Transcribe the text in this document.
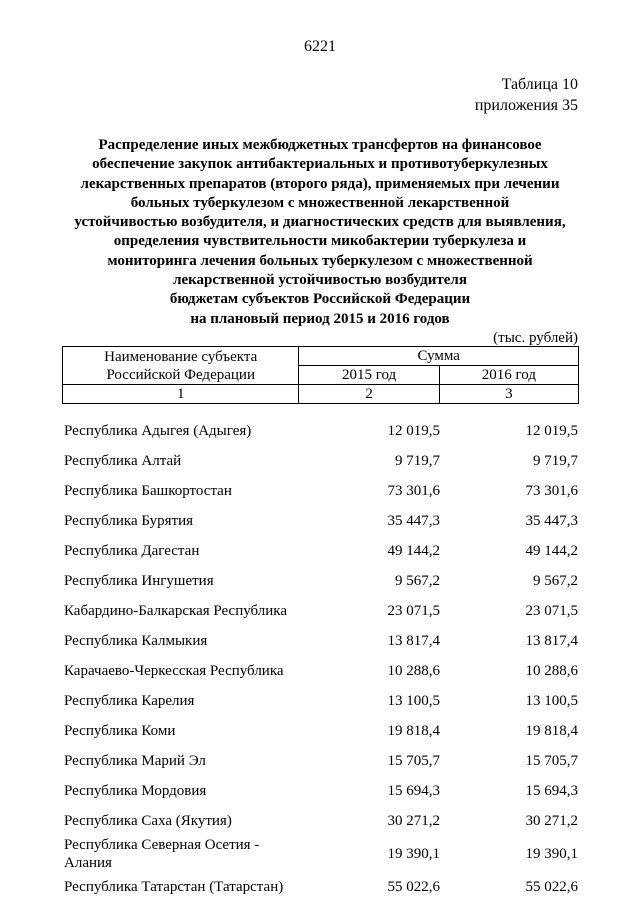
6221
Таблица 10
приложения 35
Распределение иных межбюджетных трансфертов на финансовое
обеспечение закупок антибактериальных и противотуберкулезных
лекарственных препаратов (второго ряда), применяемых при лечении
больных туберкулезом с множественной лекарственной
устойчивостью возбудителя, и диагностических средств для выявления,
определения чувствительности микобактерии туберкулеза и
мониторинга лечения больных туберкулезом с множественной
лекарственной устойчивостью возбудителя
бюджетам субъектов Российской Федерации
на плановый период 2015 и 2016 годов
(тыс. рублей)
Наименование субъекта
Российской Федерации	Сумма	
	2015 год	2016 год
1	2	3
Республика Адыгея (Адыгея)	12 019,5	12 019,5
Республика Алтай	9 719,7	9 719,7
Республика Башкортостан	73 301,6	73 301,6
Республика Бурятия	35 447,3	35 447,3
Республика Дагестан	49 144,2	49 144,2
Республика Ингушетия	9 567,2	9 567,2
Кабардино-Балкарская Республика	23 071,5	23 071,5
Республика Калмыкия	13 817,4	13 817,4
Карачаево-Черкесская Республика	10 288,6	10 288,6
Республика Карелия	13 100,5	13 100,5
Республика Коми	19 818,4	19 818,4
Республика Марий Эл	15 705,7	15 705,7
Республика Мордовия	15 694,3	15 694,3
Республика Саха (Якутия)	30 271,2	30 271,2
Республика Северная Осетия - Алания
19 390,1	19 390,1
Республика Татарстан (Татарстан)	55 022,6	55 022,6
